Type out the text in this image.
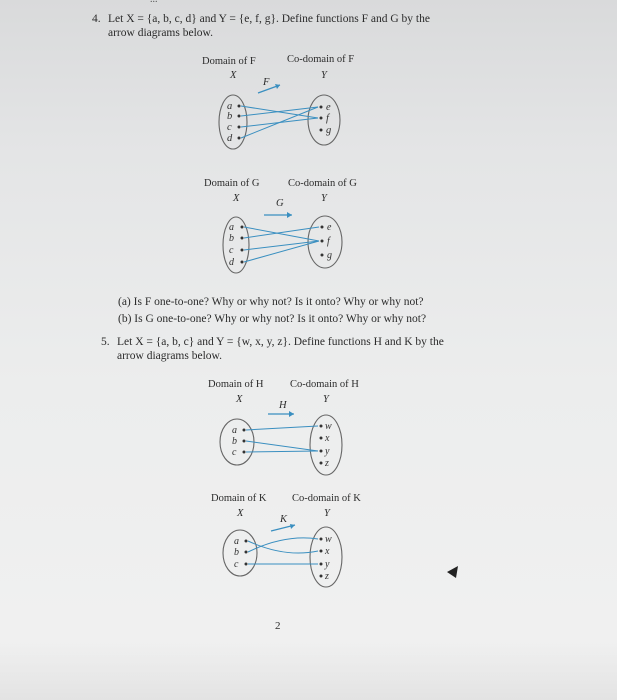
4. Let X = {a, b, c, d} and Y = {e, f, g}. Define functions F and G by the
arrow diagrams below.
Domain of F	Co-domain of F
X	Y
F
a
b
c
d
e
f
g
Domain of G	Co-domain of G
X	Y
G
a
b
c
d
e
f
g
(a) Is F one-to-one? Why or why not? Is it onto? Why or why not?
(b) Is G one-to-one? Why or why not? Is it onto? Why or why not?
5. Let X = {a, b, c} and Y = {w, x, y, z}. Define functions H and K by the
arrow diagrams below.
Domain of H	Co-domain of H
X	Y
H
a
b
c
w
x
y
z
Domain of K Co-domain of K
X	Y
K
a
b
c
w
x
y
z
2
